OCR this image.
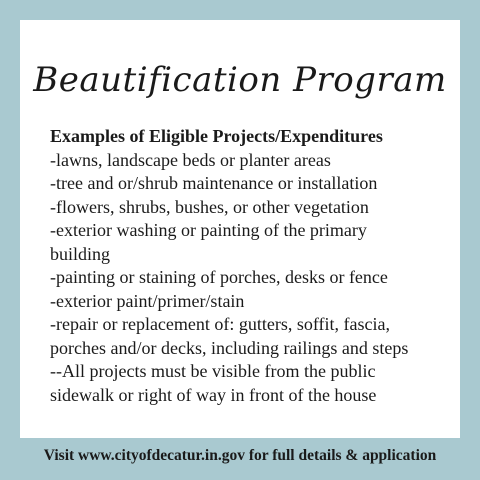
Beautification Program
Examples of Eligible Projects/Expenditures
-lawns, landscape beds or planter areas
-tree and or/shrub maintenance or installation
-flowers, shrubs, bushes, or other vegetation
-exterior washing or painting of the primary
building
-painting or staining of porches, desks or fence
-exterior paint/primer/stain
-repair or replacement of: gutters, soffit, fascia,
porches and/or decks, including railings and steps
--All projects must be visible from the public
sidewalk or right of way in front of the house

Visit www.cityofdecatur.in.gov for full details & application
